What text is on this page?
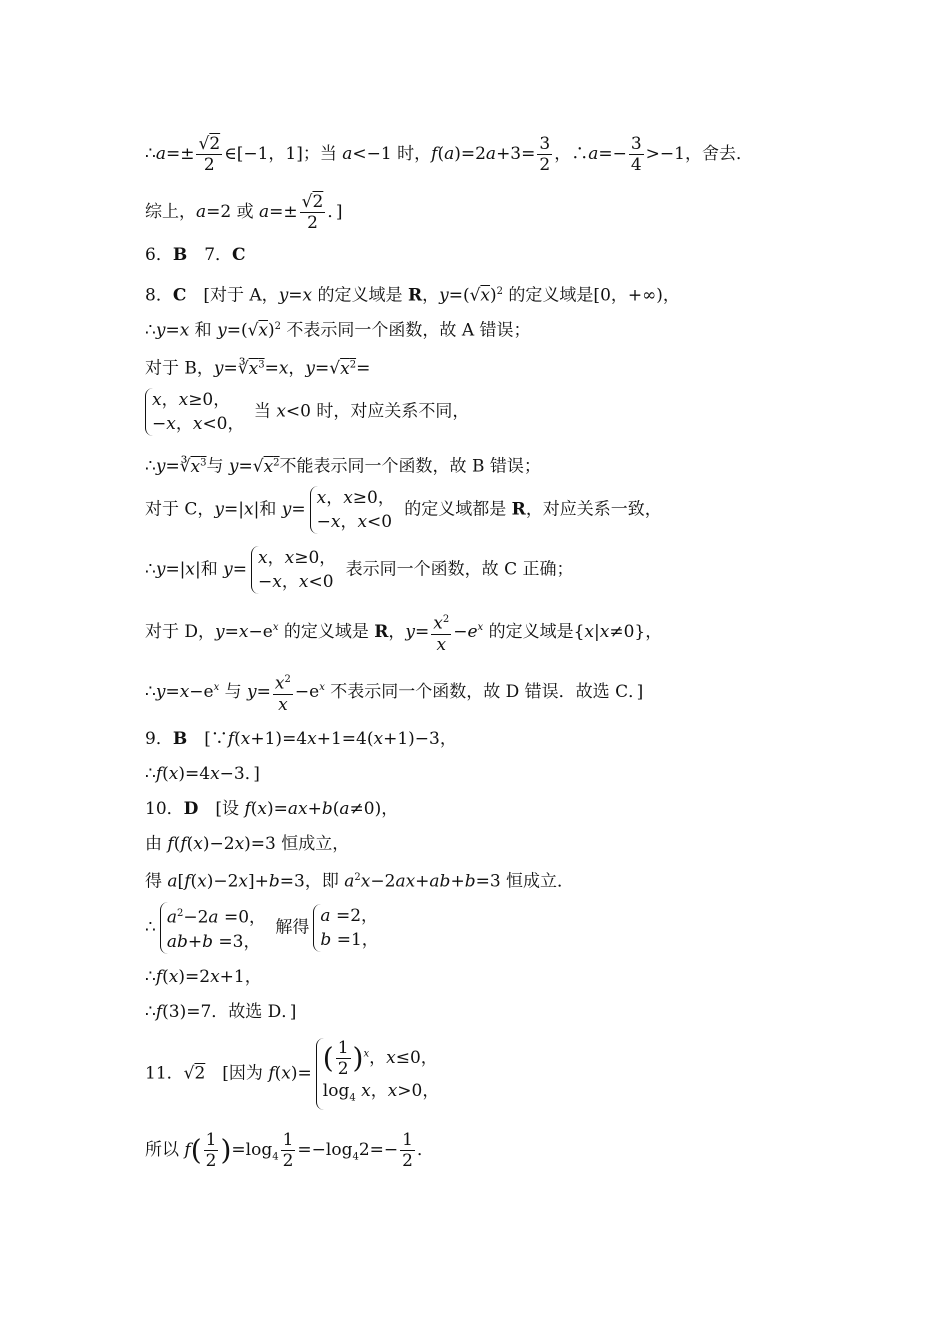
∴a=± $\frac{√2}{2}$ ∈[−1，1]；当 a<−1 时，$f(a)=2a+3= \frac{3}{2}$ ，∴a=− $\frac{3}{4} >-1$，舍去．
综上，a=2 或 $a=\pm \frac{√2}{2}$ ．]
6．B　7．C
8．C　[对于 A，y=x 的定义域是 R，$y=(√x)^2$ 的定义域是[0，+∞)，
∴y=x 和 $y=(√x)^2$ 不表示同一个函数，故 A 错误；
对于 B，$y=∛x^3=x$，$y=√x^2=$
x，x≥0，
−x，x<0，
当 x<0 时，对应关系不同，
$\therefore y=∛x^3$与 $y=√x^2$不能表示同一个函数，故 B 错误；
对于 C，y=|x|和 y=
x，x≥0，
−x，x<0
的定义域都是 R，对应关系一致，
∴y=|x|和 y=
x，x≥0，
−x，x<0
表示同一个函数，故 C 正确；
对于 D，$y=x-e^x$ 的定义域是 R，$y= \frac{x^2}{x} -e^x$ 的定义域是{x|x≠0}，
$\therefore y=x-e^x$ 与 $y= \frac{x^2}{x} -e^x$ 不表示同一个函数，故 D 错误．故选 C．]
9．B　[∵f(x+1)=4x+1=4(x+1)−3，
∴f(x)=4x−3．]
10．D　[设 f(x)=ax+b(a≠0)，
由 f(f(x)−2x)=3 恒成立，
得 a[f(x)−2x]+b=3，即 $a^2x-2ax+ab+b=3$ 恒成立．
∴ $a^2-2a =0$，
ab+b =3，
解得
a =2，
b =1，
∴f(x)=2x+1，
∴f(3)=7．故选 D．]
11．√2　[因为 f(x)= ( $\frac{1}{2} )^x$，x≤0，
$\log_4 x$，x>0，
所以 $f( \frac{1}{2} )=\log_4 \frac{1}{2} =-\log_42=- \frac{1}{2}$ ．
